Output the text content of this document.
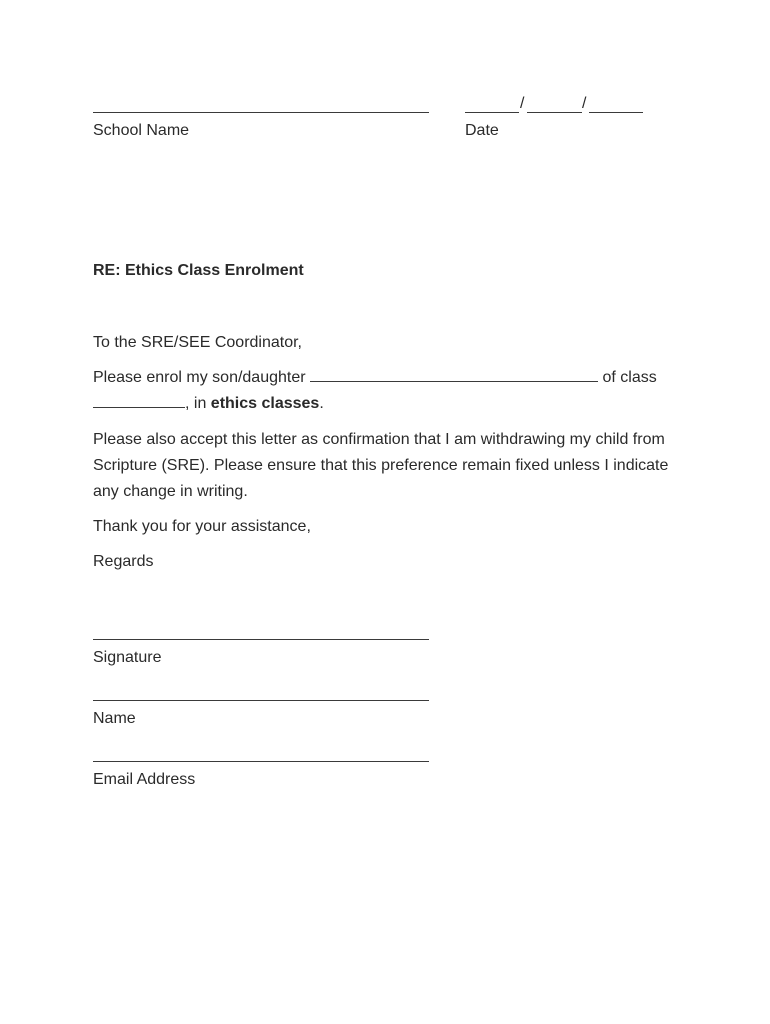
School Name
/	/
Date
RE: Ethics Class Enrolment
To the SRE/SEE Coordinator,
Please enrol my son/daughter	of class
, in ethics classes.
Please also accept this letter as confirmation that I am withdrawing my child from Scripture (SRE). Please ensure that this preference remain fixed unless I indicate any change in writing.
Thank you for your assistance,
Regards
Signature
Name
Email Address
